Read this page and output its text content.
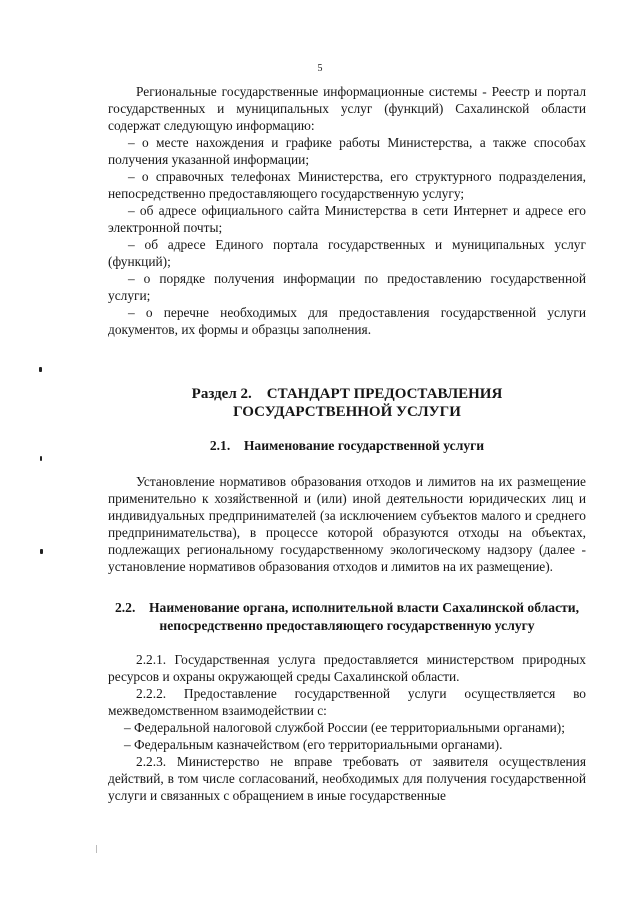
5

Региональные государственные информационные системы - Реестр и портал государственных и муниципальных услуг (функций) Сахалинской области содержат следующую информацию:

– о месте нахождения и графике работы Министерства, а также способах получения указанной информации;

– о справочных телефонах Министерства, его структурного подразделения, непосредственно предоставляющего государственную услугу;

– об адресе официального сайта Министерства в сети Интернет и адресе его электронной почты;

– об адресе Единого портала государственных и муниципальных услуг (функций);

– о порядке получения информации по предоставлению государственной услуги;

– о перечне необходимых для предоставления государственной услуги документов, их формы и образцы заполнения.

Раздел 2.    СТАНДАРТ ПРЕДОСТАВЛЕНИЯ
ГОСУДАРСТВЕННОЙ УСЛУГИ
2.1.    Наименование государственной услуги

Установление нормативов образования отходов и лимитов на их размещение применительно к хозяйственной и (или) иной деятельности юридических лиц и индивидуальных предпринимателей (за исключением субъектов малого и среднего предпринимательства), в процессе которой образуются отходы на объектах, подлежащих региональному государственному экологическому надзору (далее - установление нормативов образования отходов и лимитов на их размещение).

2.2.    Наименование органа, исполнительной власти Сахалинской области, непосредственно предоставляющего государственную услугу

2.2.1. Государственная услуга предоставляется министерством природных ресурсов и охраны окружающей среды Сахалинской области.

2.2.2. Предоставление государственной услуги осуществляется во межведомственном взаимодействии с:

– Федеральной налоговой службой России (ее территориальными органами);

– Федеральным казначейством (его территориальными органами).

2.2.3. Министерство не вправе требовать от заявителя осуществления действий, в том числе согласований, необходимых для получения государственной услуги и связанных с обращением в иные государственные
